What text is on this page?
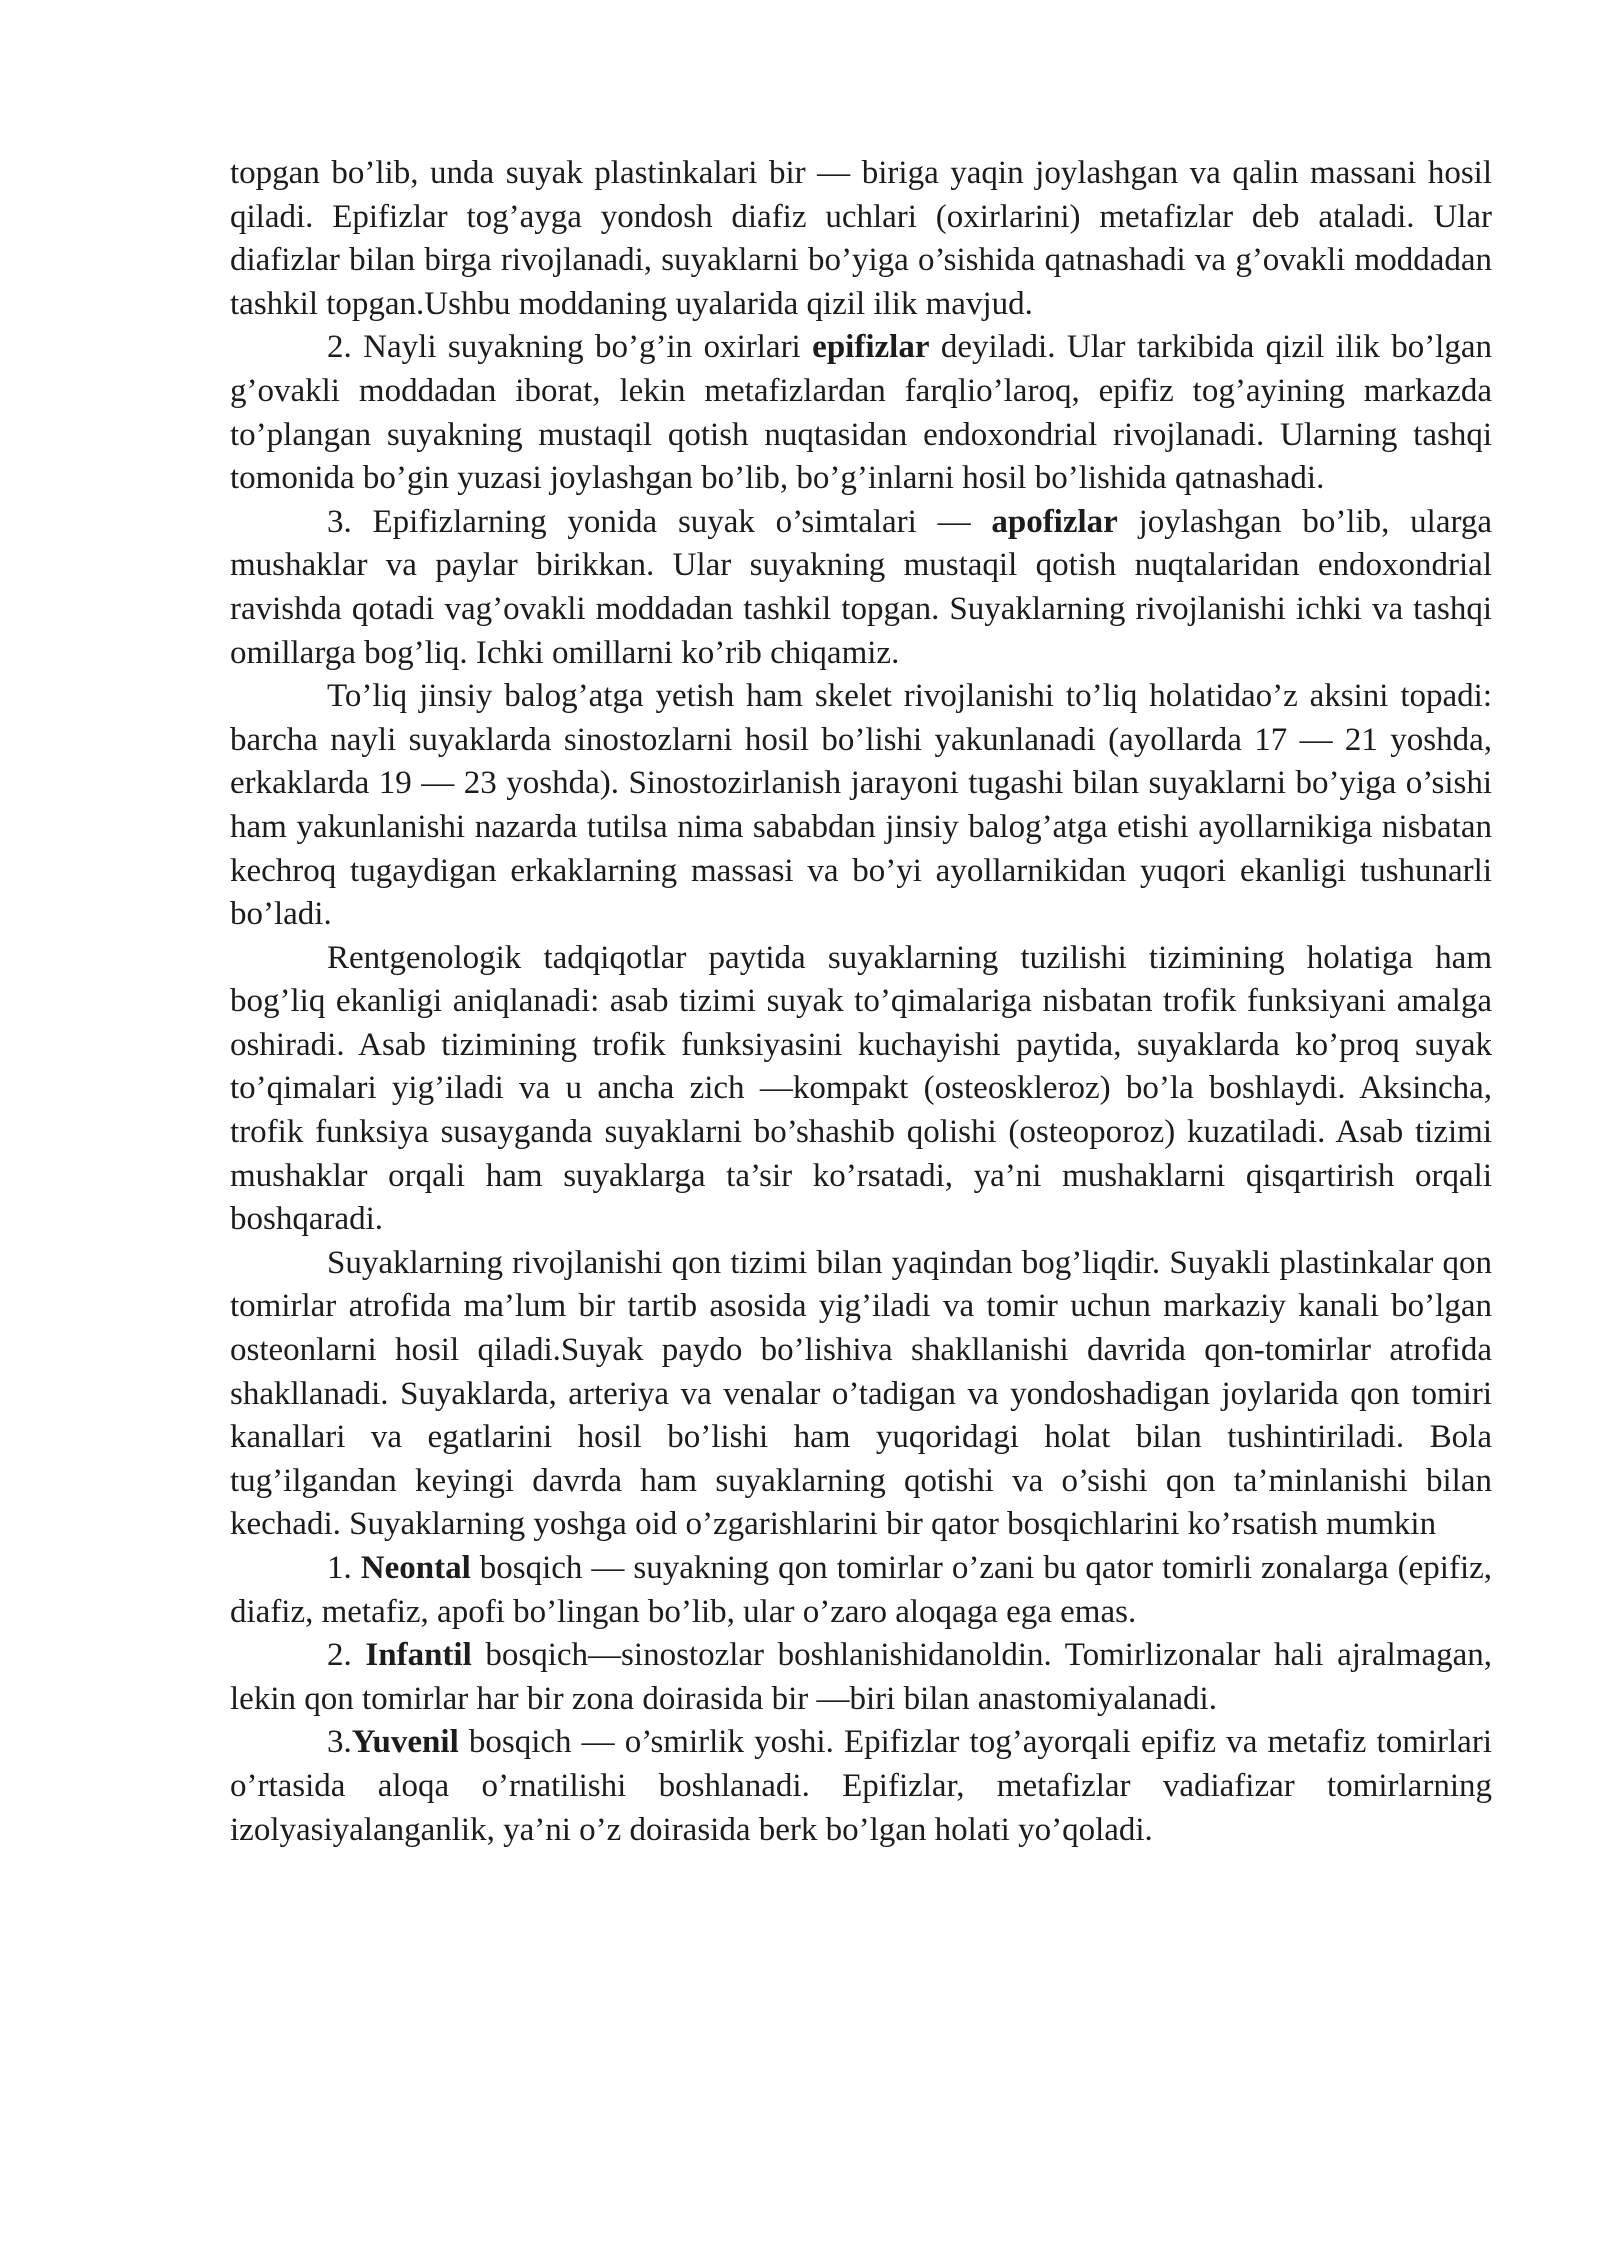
topgan bo’lib, unda suyak plastinkalari bir — biriga yaqin joylashgan va qalin massani hosil qiladi. Epifizlar tog’ayga yondosh diafiz uchlari (oxirlarini) metafizlar deb ataladi. Ular diafizlar bilan birga rivojlanadi, suyaklarni bo’yiga o’sishida qatnashadi va g’ovakli moddadan tashkil topgan.Ushbu moddaning uyalarida qizil ilik mavjud.

2. Nayli suyakning bo’g’in oxirlari epifizlar deyiladi. Ular tarkibida qizil ilik bo’lgan g’ovakli moddadan iborat, lekin metafizlardan farqlio’laroq, epifiz tog’ayining markazda to’plangan suyakning mustaqil qotish nuqtasidan endoxondrial rivojlanadi. Ularning tashqi tomonida bo’gin yuzasi joylashgan bo’lib, bo’g’inlarni hosil bo’lishida qatnashadi.

3. Epifizlarning yonida suyak o’simtalari — apofizlar joylashgan bo’lib, ularga mushaklar va paylar birikkan. Ular suyakning mustaqil qotish nuqtalaridan endoxondrial ravishda qotadi vag’ovakli moddadan tashkil topgan. Suyaklarning rivojlanishi ichki va tashqi omillarga bog’liq. Ichki omillarni ko’rib chiqamiz.

To’liq jinsiy balog’atga yetish ham skelet rivojlanishi to’liq holatidao’z aksini topadi: barcha nayli suyaklarda sinostozlarni hosil bo’lishi yakunlanadi (ayollarda 17 — 21 yoshda, erkaklarda 19 — 23 yoshda). Sinostozirlanish jarayoni tugashi bilan suyaklarni bo’yiga o’sishi ham yakunlanishi nazarda tutilsa nima sababdan jinsiy balog’atga etishi ayollarnikiga nisbatan kechroq tugaydigan erkaklarning massasi va bo’yi ayollarnikidan yuqori ekanligi tushunarli bo’ladi.

Rentgenologik tadqiqotlar paytida suyaklarning tuzilishi tizimining holatiga ham bog’liq ekanligi aniqlanadi: asab tizimi suyak to’qimalariga nisbatan trofik funksiyani amalga oshiradi. Asab tizimining trofik funksiyasini kuchayishi paytida, suyaklarda ko’proq suyak to’qimalari yig’iladi va u ancha zich —kompakt (osteoskleroz) bo’la boshlaydi. Aksincha, trofik funksiya susayganda suyaklarni bo’shashib qolishi (osteoporoz) kuzatiladi. Asab tizimi mushaklar orqali ham suyaklarga ta’sir ko’rsatadi, ya’ni mushaklarni qisqartirish orqali boshqaradi.

Suyaklarning rivojlanishi qon tizimi bilan yaqindan bog’liqdir. Suyakli plastinkalar qon tomirlar atrofida ma’lum bir tartib asosida yig’iladi va tomir uchun markaziy kanali bo’lgan osteonlarni hosil qiladi.Suyak paydo bo’lishiva shakllanishi davrida qon-tomirlar atrofida shakllanadi. Suyaklarda, arteriya va venalar o’tadigan va yondoshadigan joylarida qon tomiri kanallari va egatlarini hosil bo’lishi ham yuqoridagi holat bilan tushintiriladi. Bola tug’ilgandan keyingi davrda ham suyaklarning qotishi va o’sishi qon ta’minlanishi bilan kechadi. Suyaklarning yoshga oid o’zgarishlarini bir qator bosqichlarini ko’rsatish mumkin

1. Neontal bosqich — suyakning qon tomirlar o’zani bu qator tomirli zonalarga (epifiz, diafiz, metafiz, apofi bo’lingan bo’lib, ular o’zaro aloqaga ega emas.

2. Infantil bosqich—sinostozlar boshlanishidanoldin. Tomirlizonalar hali ajralmagan, lekin qon tomirlar har bir zona doirasida bir —biri bilan anastomiyalanadi.

3.Yuvenil bosqich — o’smirlik yoshi. Epifizlar tog’ayorqali epifiz va metafiz tomirlari o’rtasida aloqa o’rnatilishi boshlanadi. Epifizlar, metafizlar vadiafizar tomirlarning izolyasiyalanganlik, ya’ni o’z doirasida berk bo’lgan holati yo’qoladi.
